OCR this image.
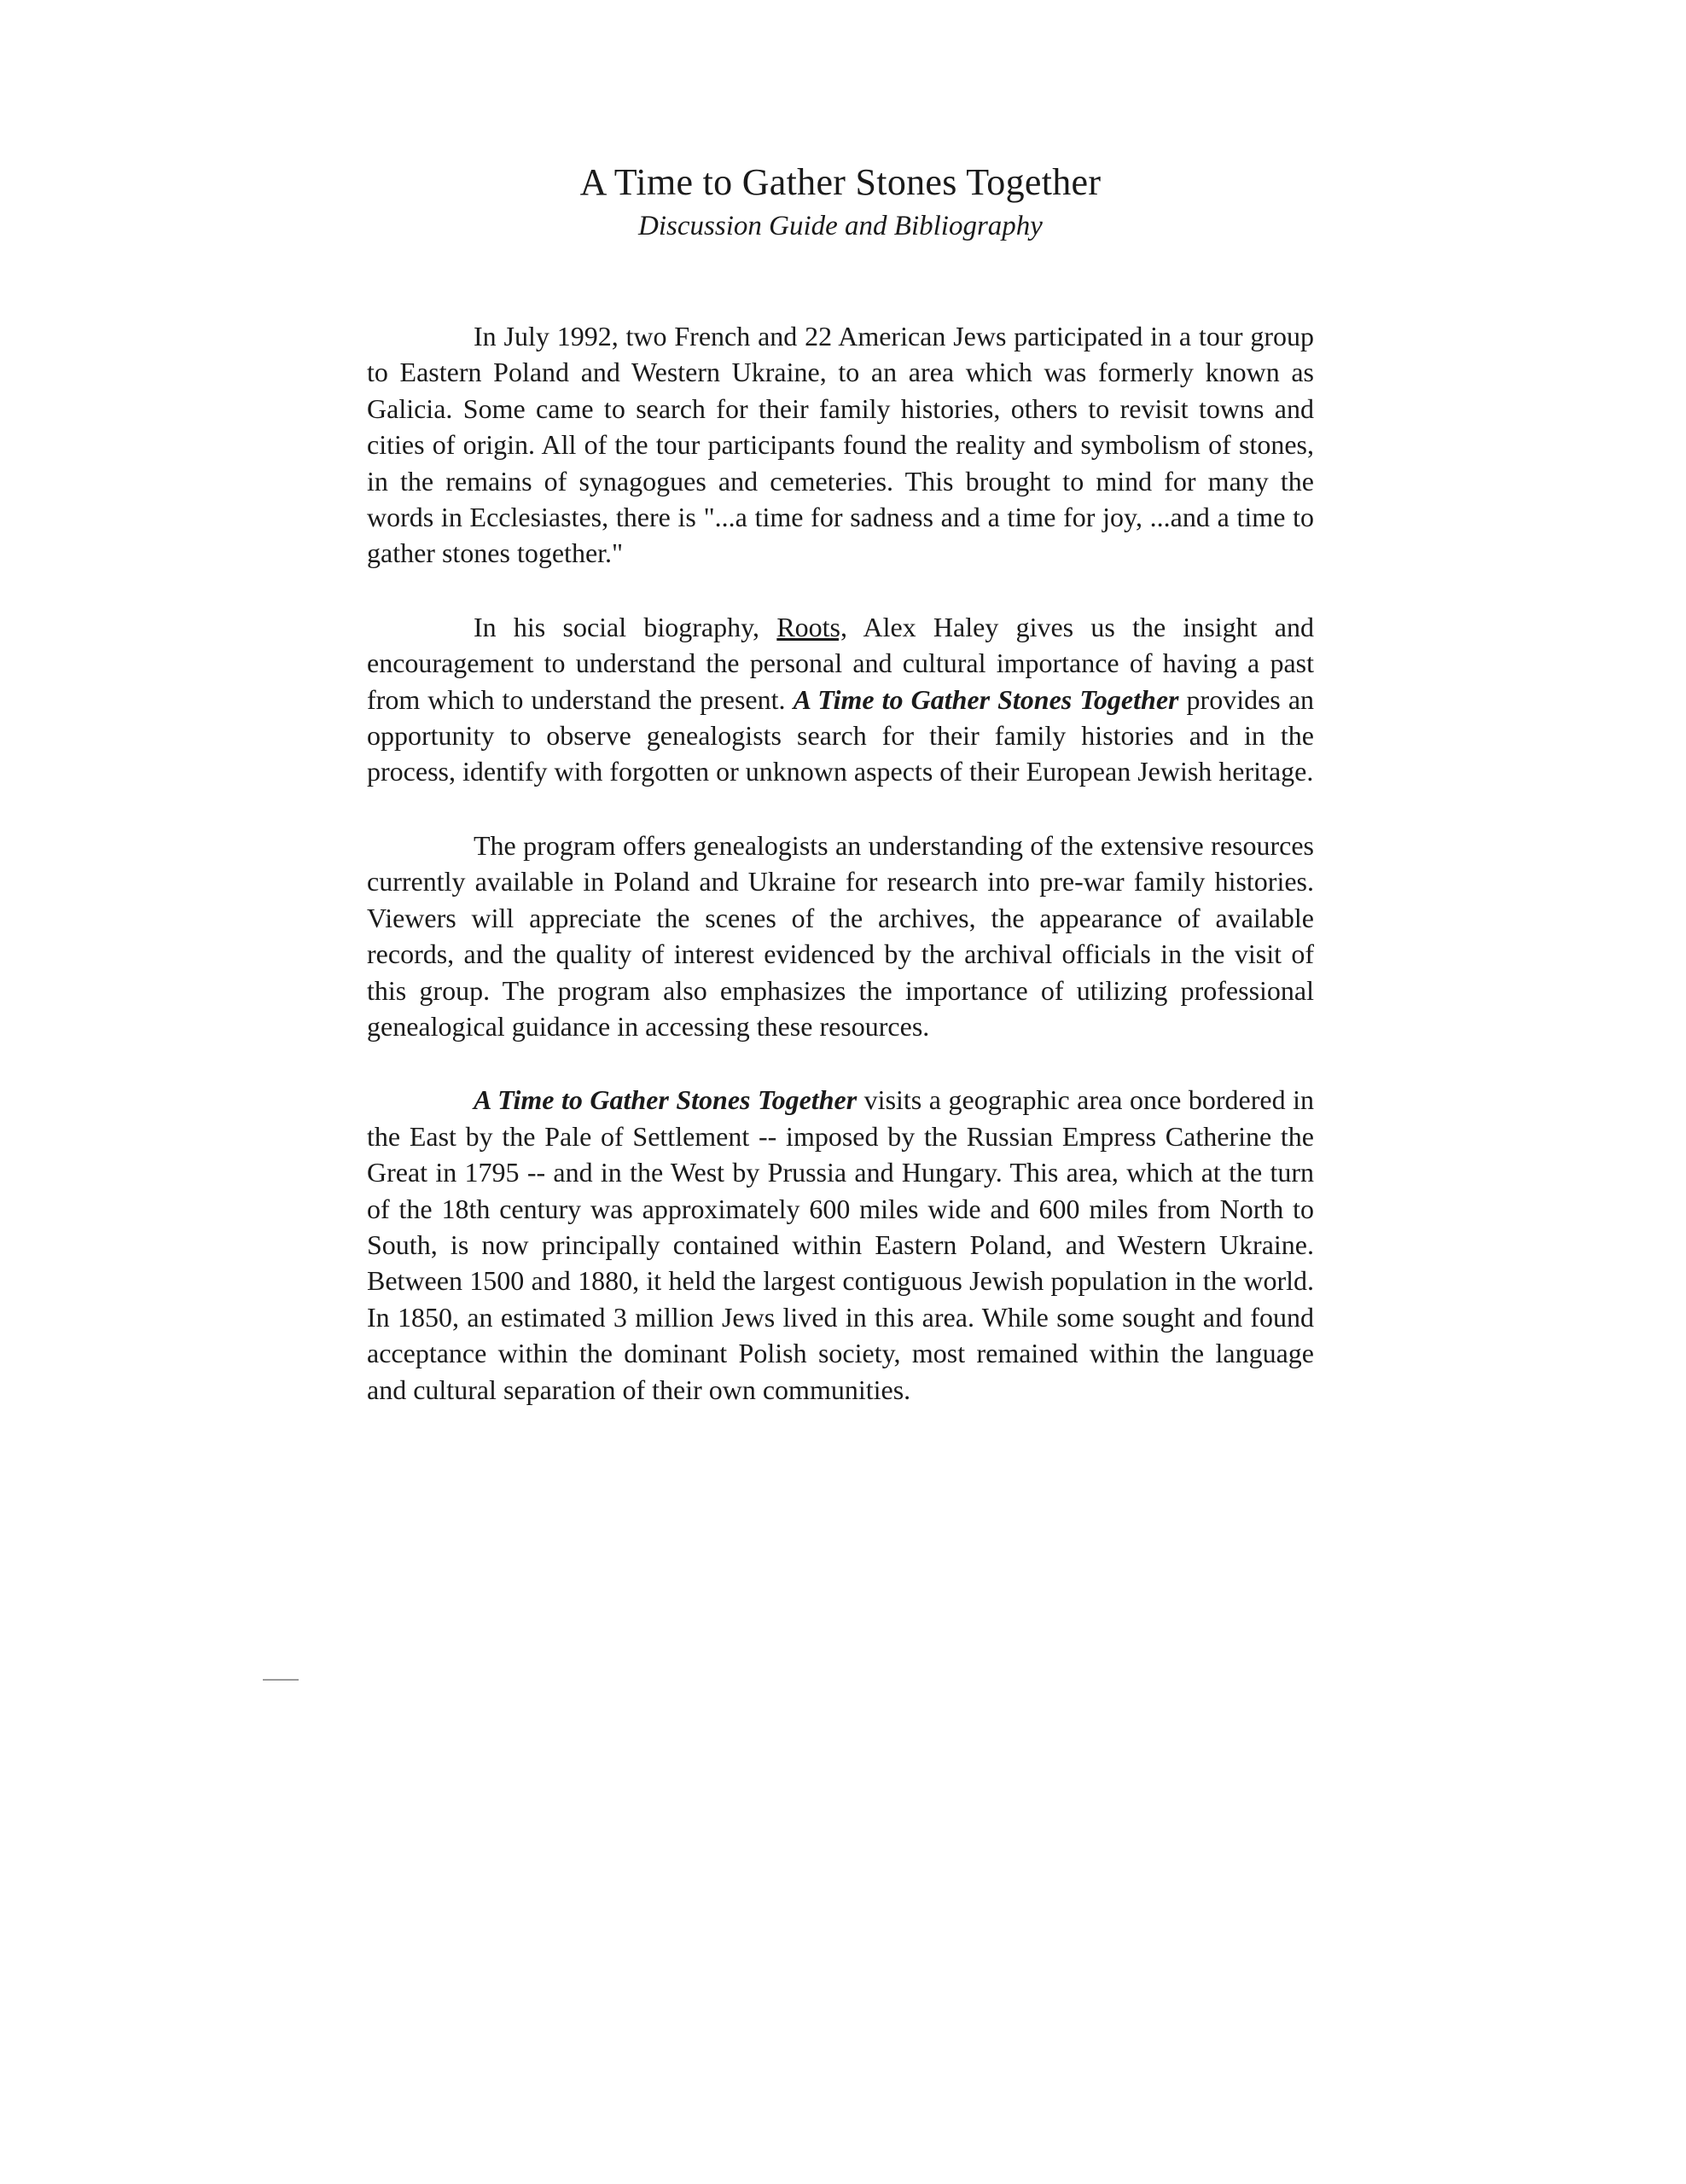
A Time to Gather Stones Together
Discussion Guide and Bibliography

In July 1992, two French and 22 American Jews participated in a tour group to Eastern Poland and Western Ukraine, to an area which was formerly known as Galicia. Some came to search for their family histories, others to revisit towns and cities of origin. All of the tour participants found the reality and symbolism of stones, in the remains of synagogues and cemeteries. This brought to mind for many the words in Ecclesiastes, there is "...a time for sadness and a time for joy, ...and a time to gather stones together."

In his social biography, Roots, Alex Haley gives us the insight and encouragement to understand the personal and cultural importance of having a past from which to understand the present. A Time to Gather Stones Together provides an opportunity to observe genealogists search for their family histories and in the process, identify with forgotten or unknown aspects of their European Jewish heritage.

The program offers genealogists an understanding of the extensive resources currently available in Poland and Ukraine for research into pre-war family histories. Viewers will appreciate the scenes of the archives, the appearance of available records, and the quality of interest evidenced by the archival officials in the visit of this group. The program also emphasizes the importance of utilizing professional genealogical guidance in accessing these resources.

A Time to Gather Stones Together visits a geographic area once bordered in the East by the Pale of Settlement -- imposed by the Russian Empress Catherine the Great in 1795 -- and in the West by Prussia and Hungary. This area, which at the turn of the 18th century was approximately 600 miles wide and 600 miles from North to South, is now principally contained within Eastern Poland, and Western Ukraine. Between 1500 and 1880, it held the largest contiguous Jewish population in the world. In 1850, an estimated 3 million Jews lived in this area. While some sought and found acceptance within the dominant Polish society, most remained within the language and cultural separation of their own communities.
